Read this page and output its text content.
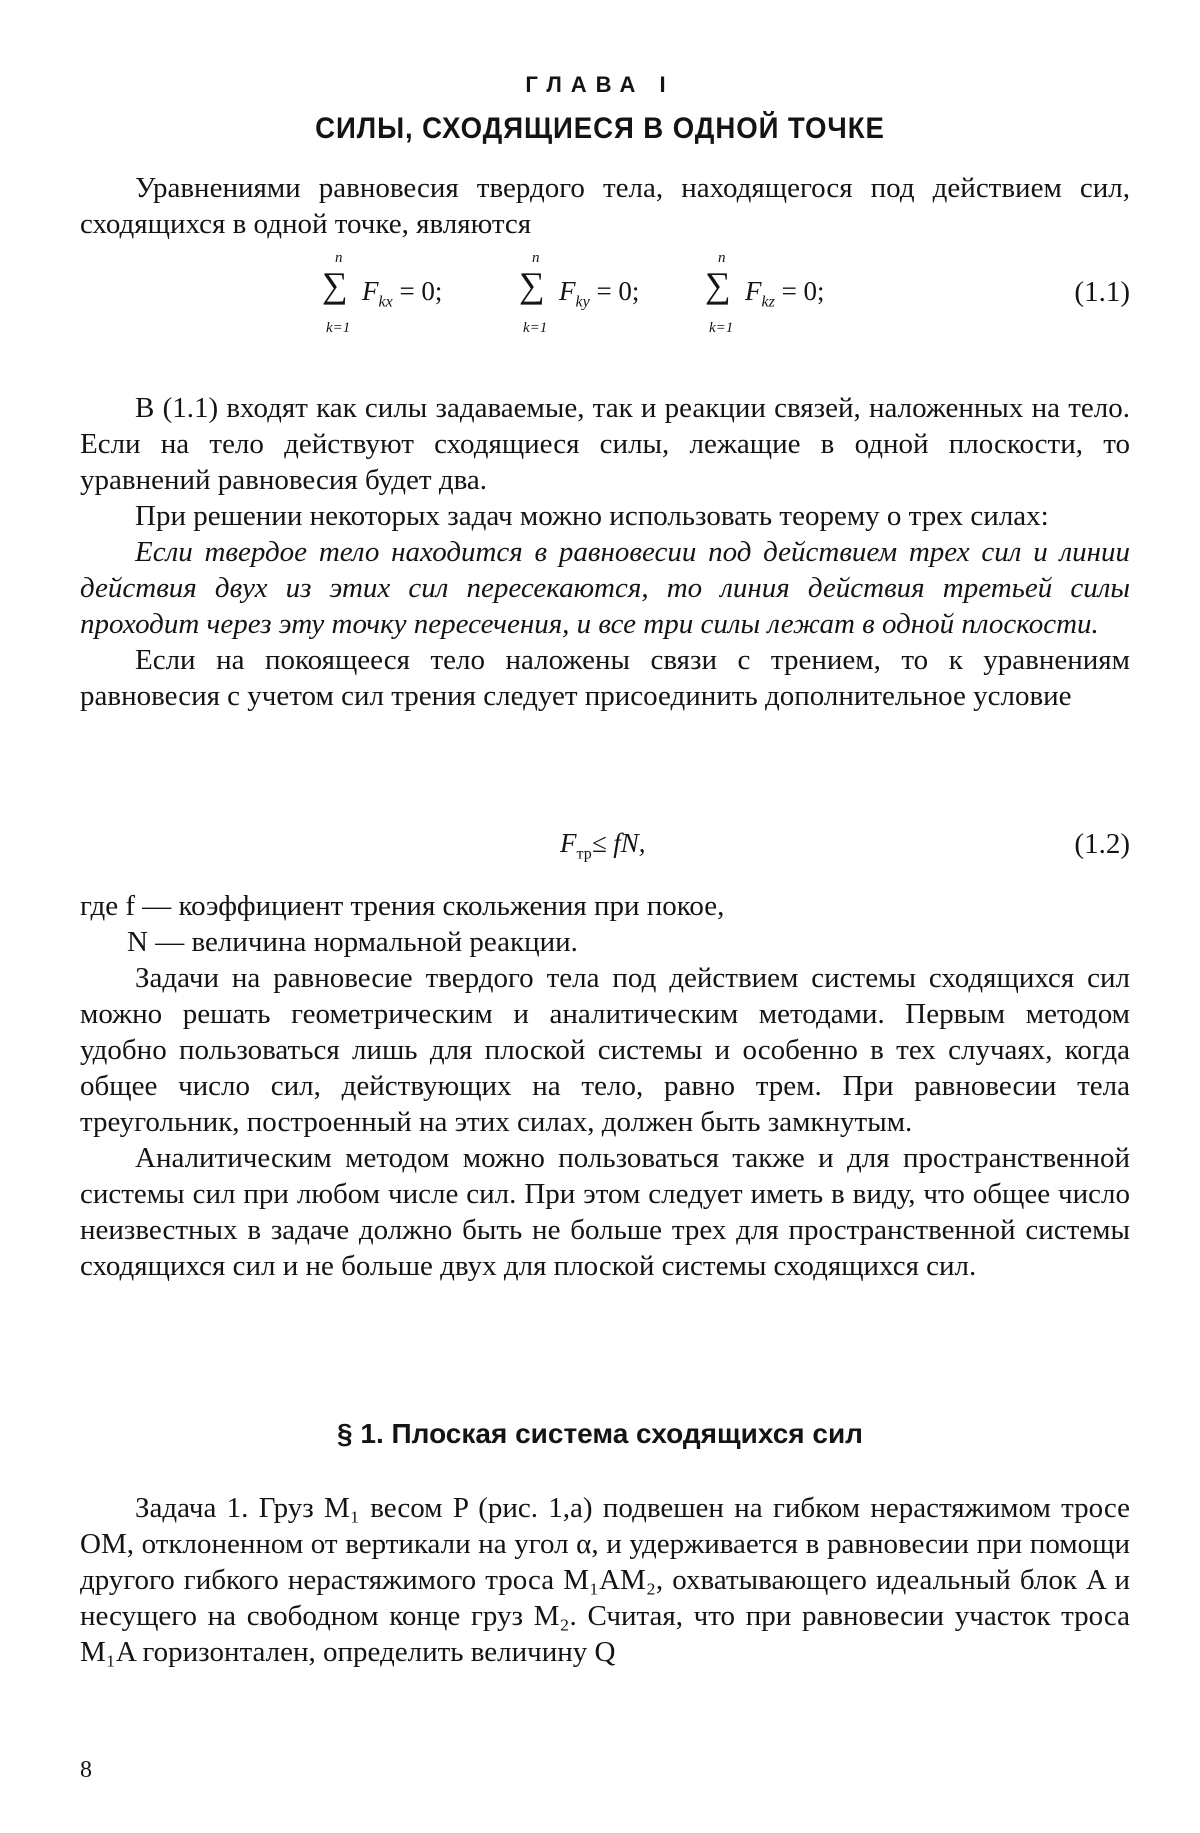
ГЛАВА I
СИЛЫ, СХОДЯЩИЕСЯ В ОДНОЙ ТОЧКЕ

Уравнениями равновесия твердого тела, находящегося под действием сил, сходящихся в одной точке, являются

n
∑
k=1
$F_{kx} = 0$;
n
∑
k=1
$F_{ky} = 0$;
n
∑
k=1
$F_{kz} = 0$;	(1.1)

В (1.1) входят как силы задаваемые, так и реакции связей, наложенных на тело. Если на тело действуют сходящиеся силы, лежащие в одной плоскости, то уравнений равновесия будет два.

При решении некоторых задач можно использовать теорему о трех силах:

Если твердое тело находится в равновесии под действием трех сил и линии действия двух из этих сил пересекаются, то линия действия третьей силы проходит через эту точку пересечения, и все три силы лежат в одной плоскости.

Если на покоящееся тело наложены связи с трением, то к уравнениям равновесия с учетом сил трения следует присоединить дополнительное условие

$F_{тр}\le$ fN,	(1.2)

где f — коэффициент трения скольжения при покое,

N — величина нормальной реакции.

Задачи на равновесие твердого тела под действием системы сходящихся сил можно решать геометрическим и аналитическим методами. Первым методом удобно пользоваться лишь для плоской системы и особенно в тех случаях, когда общее число сил, действующих на тело, равно трем. При равновесии тела треугольник, построенный на этих силах, должен быть замкнутым.

Аналитическим методом можно пользоваться также и для пространственной системы сил при любом числе сил. При этом следует иметь в виду, что общее число неизвестных в задаче должно быть не больше трех для пространственной системы сходящихся сил и не больше двух для плоской системы сходящихся сил.

§ 1. Плоская система сходящихся сил

Задача 1. Груз M₁ весом P (рис. 1,a) подвешен на гибком нерастяжимом тросе OM, отклоненном от вертикали на угол α, и удерживается в равновесии при помощи другого гибкого нерастяжимого троса M₁AM₂, охватывающего идеальный блок A и несущего на свободном конце груз M₂. Считая, что при равновесии участок троса M₁A горизонтален, определить величину Q

8
